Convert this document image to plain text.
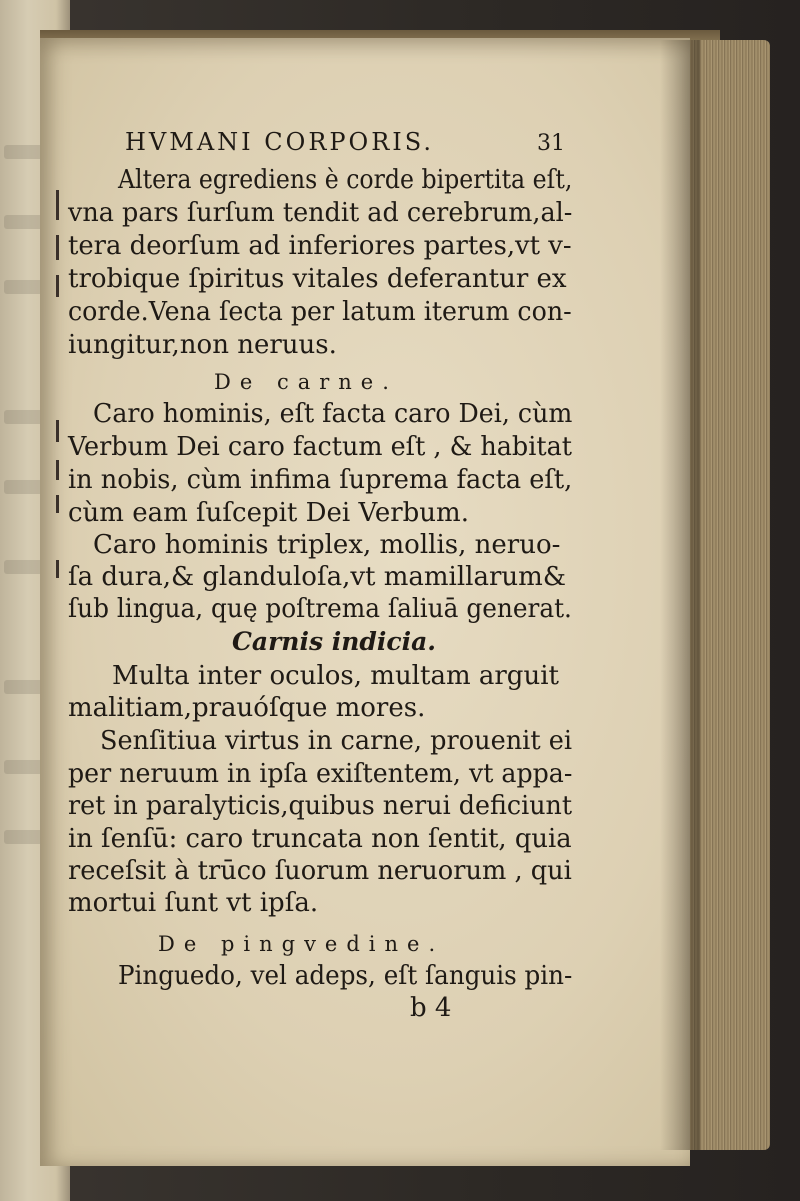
HVMANI CORPORIS.	31
Altera egrediens è corde bipertita eſt,
vna pars ſurſum tendit ad cerebrum,al-
tera deorſum ad inferiores partes,vt v-
trobique ſpiritus vitales deferantur ex
corde.Vena ſecta per latum iterum con-
iungitur,non neruus.
De carne.
Caro hominis, eſt facta caro Dei, cùm
Verbum Dei caro factum eſt , & habitat
in nobis, cùm infima ſuprema facta eſt,
cùm eam ſuſcepit Dei Verbum.
Caro hominis triplex, mollis, neruo-
ſa dura,& glanduloſa,vt mamillarum&
ſub lingua, quę poſtrema ſaliuā generat.
Carnis indicia.
Multa inter oculos, multam arguit
malitiam,prauóſque mores.
Senſitiua virtus in carne, prouenit ei
per neruum in ipſa exiſtentem, vt appa-
ret in paralyticis,quibus nerui deficiunt
in ſenſū: caro truncata non ſentit, quia
receſsit à trūco ſuorum neruorum , qui
mortui ſunt vt ipſa.
De pingvedine.
Pinguedo, vel adeps, eſt ſanguis pin-
b 4
